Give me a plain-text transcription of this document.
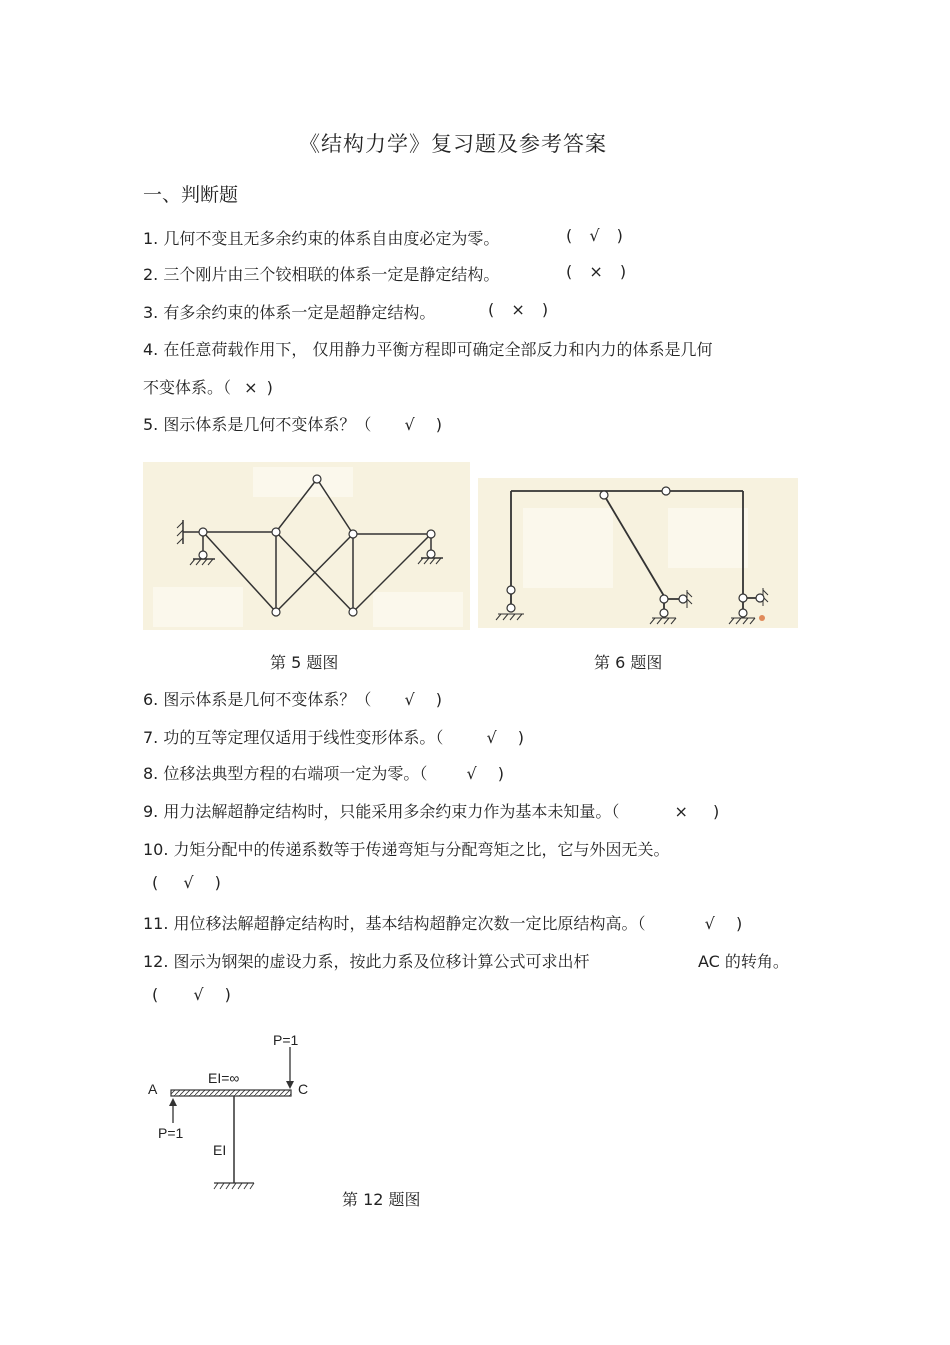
《结构力学》复习题及参考答案
一、判断题
1. 几何不变且无多余约束的体系自由度必定为零。	( √ )
2. 三个刚片由三个铰相联的体系一定是静定结构。	( × )
3. 有多余约束的体系一定是超静定结构。	( × )
4. 在任意荷载作用下， 仅用静力平衡方程即可确定全部反力和内力的体系是几何
不变体系。（ × )
5. 图示体系是几何不变体系？（ √ )
第 5 题图	第 6 题图
6. 图示体系是几何不变体系？（ √ )
7. 功的互等定理仅适用于线性变形体系。（	√ )
8. 位移法典型方程的右端项一定为零。（ √ )
9. 用力法解超静定结构时，只能采用多余约束力作为基本未知量。（	× )
10. 力矩分配中的传递系数等于传递弯矩与分配弯矩之比，它与外因无关。
( √ )
11. 用位移法解超静定结构时，基本结构超静定次数一定比原结构高。（	√ )
12. 图示为钢架的虚设力系，按此力系及位移计算公式可求出杆	AC 的转角。
( √ )
A	C
P=1
P=1
EI=∞
EI
第 12 题图
